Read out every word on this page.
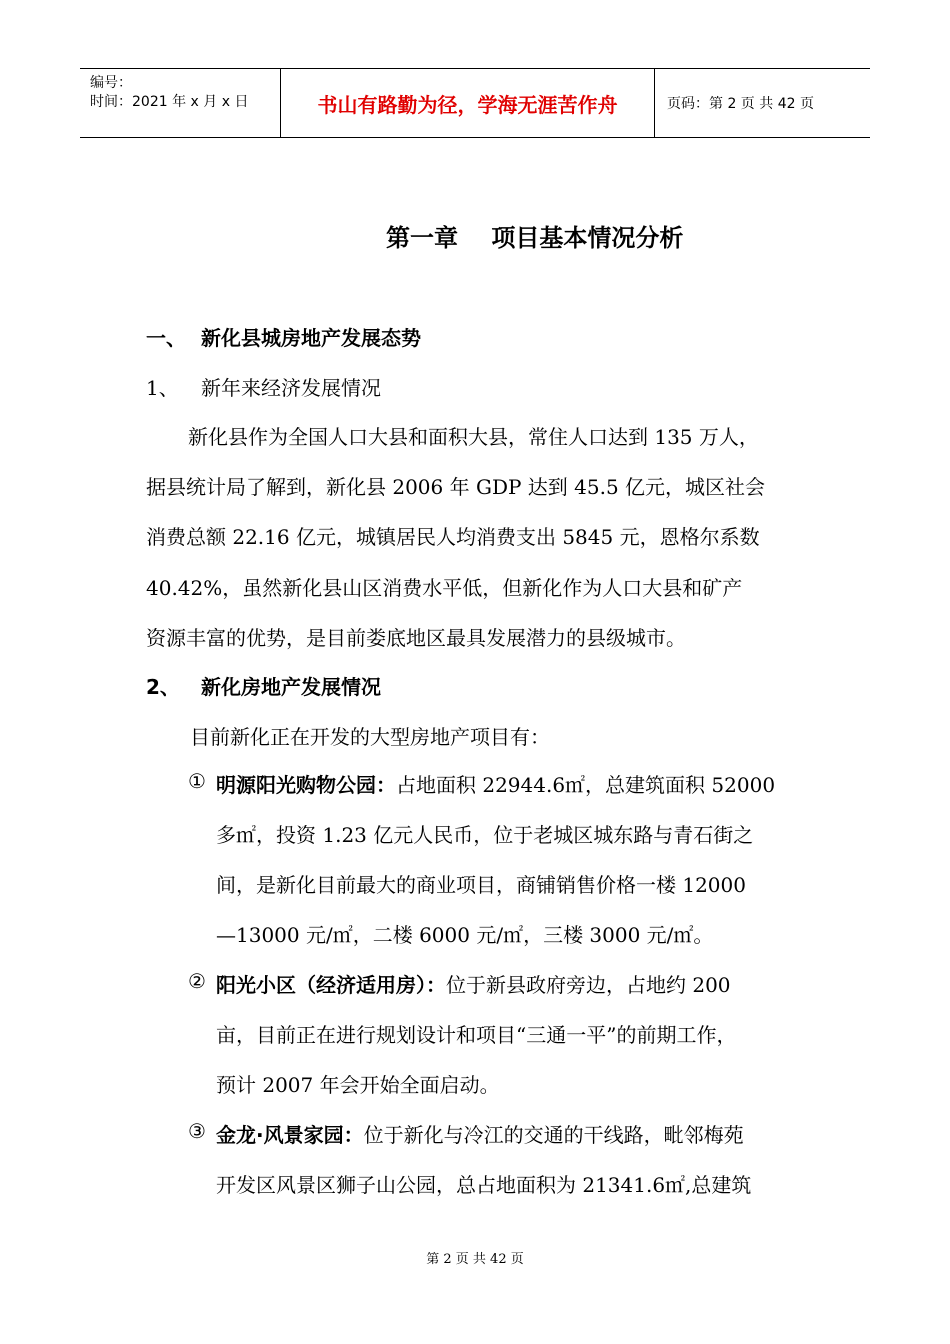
编号：
时间：2021 年 x 月 x 日	书山有路勤为径，学海无涯苦作舟	页码：第 2 页 共 42 页
第一章    项目基本情况分析
一、 新化县城房地产发展态势
1、 新年来经济发展情况
新化县作为全国人口大县和面积大县，常住人口达到 135 万人，
据县统计局了解到，新化县 2006 年 GDP 达到 45.5 亿元，城区社会
消费总额 22.16 亿元，城镇居民人均消费支出 5845 元，恩格尔系数
40.42%，虽然新化县山区消费水平低，但新化作为人口大县和矿产
资源丰富的优势，是目前娄底地区最具发展潜力的县级城市。
2、 新化房地产发展情况
目前新化正在开发的大型房地产项目有：
① 明源阳光购物公园：占地面积 22944.6㎡，总建筑面积 52000
多㎡，投资 1.23 亿元人民币，位于老城区城东路与青石街之
间，是新化目前最大的商业项目，商铺销售价格一楼 12000
—13000 元/㎡，二楼 6000 元/㎡，三楼 3000 元/㎡。
② 阳光小区（经济适用房）：位于新县政府旁边，占地约 200
亩，目前正在进行规划设计和项目“三通一平”的前期工作，
预计 2007 年会开始全面启动。
③ 金龙·风景家园：位于新化与冷江的交通的干线路，毗邻梅苑
开发区风景区狮子山公园，总占地面积为 21341.6㎡,总建筑
第 2 页 共 42 页
